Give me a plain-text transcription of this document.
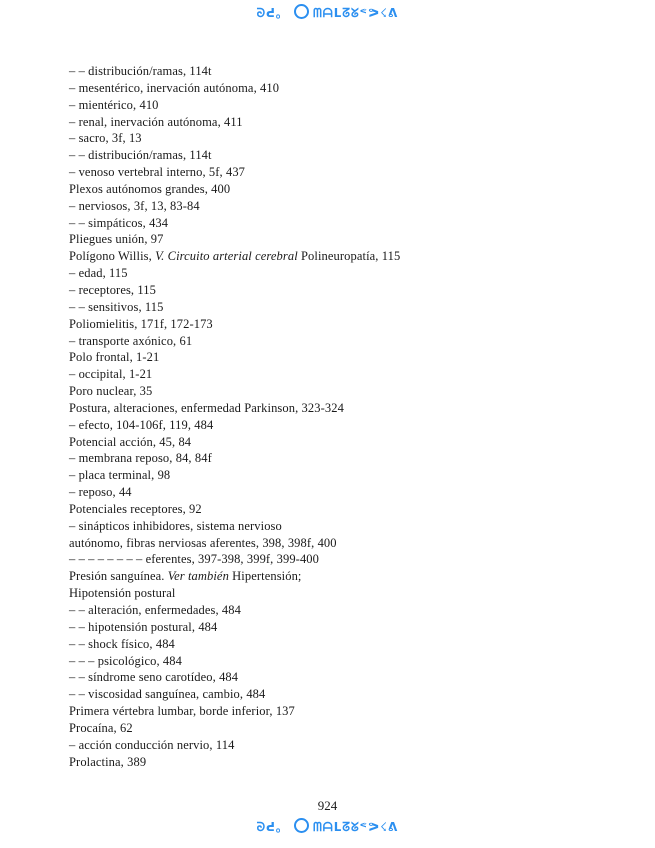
ᘐᕍ。 ᗰᗩᒪᘔᘜᕝᕗ☇ᕕ
– – distribución/ramas, 114t
– mesentérico, inervación autónoma, 410
– mientérico, 410
– renal, inervación autónoma, 411
– sacro, 3f, 13
– – distribución/ramas, 114t
– venoso vertebral interno, 5f, 437
Plexos autónomos grandes, 400
– nerviosos, 3f, 13, 83-84
– – simpáticos, 434
Pliegues unión, 97
Polígono Willis, V. Circuito arterial cerebral Polineuropatía, 115
– edad, 115
– receptores, 115
– – sensitivos, 115
Poliomielitis, 171f, 172-173
– transporte axónico, 61
Polo frontal, 1-21
– occipital, 1-21
Poro nuclear, 35
Postura, alteraciones, enfermedad Parkinson, 323-324
– efecto, 104-106f, 119, 484
Potencial acción, 45, 84
– membrana reposo, 84, 84f
– placa terminal, 98
– reposo, 44
Potenciales receptores, 92
– sinápticos inhibidores, sistema nervioso
autónomo, fibras nerviosas aferentes, 398, 398f, 400
– – – – – – – – eferentes, 397-398, 399f, 399-400
Presión sanguínea. Ver también Hipertensión;
Hipotensión postural
– – alteración, enfermedades, 484
– – hipotensión postural, 484
– – shock físico, 484
– – – psicológico, 484
– – síndrome seno carotídeo, 484
– – viscosidad sanguínea, cambio, 484
Primera vértebra lumbar, borde inferior, 137
Procaína, 62
– acción conducción nervio, 114
Prolactina, 389
924
ᘐᕍ。 ᗰᗩᒪᘔᘜᕝᕗ☇ᕕ
